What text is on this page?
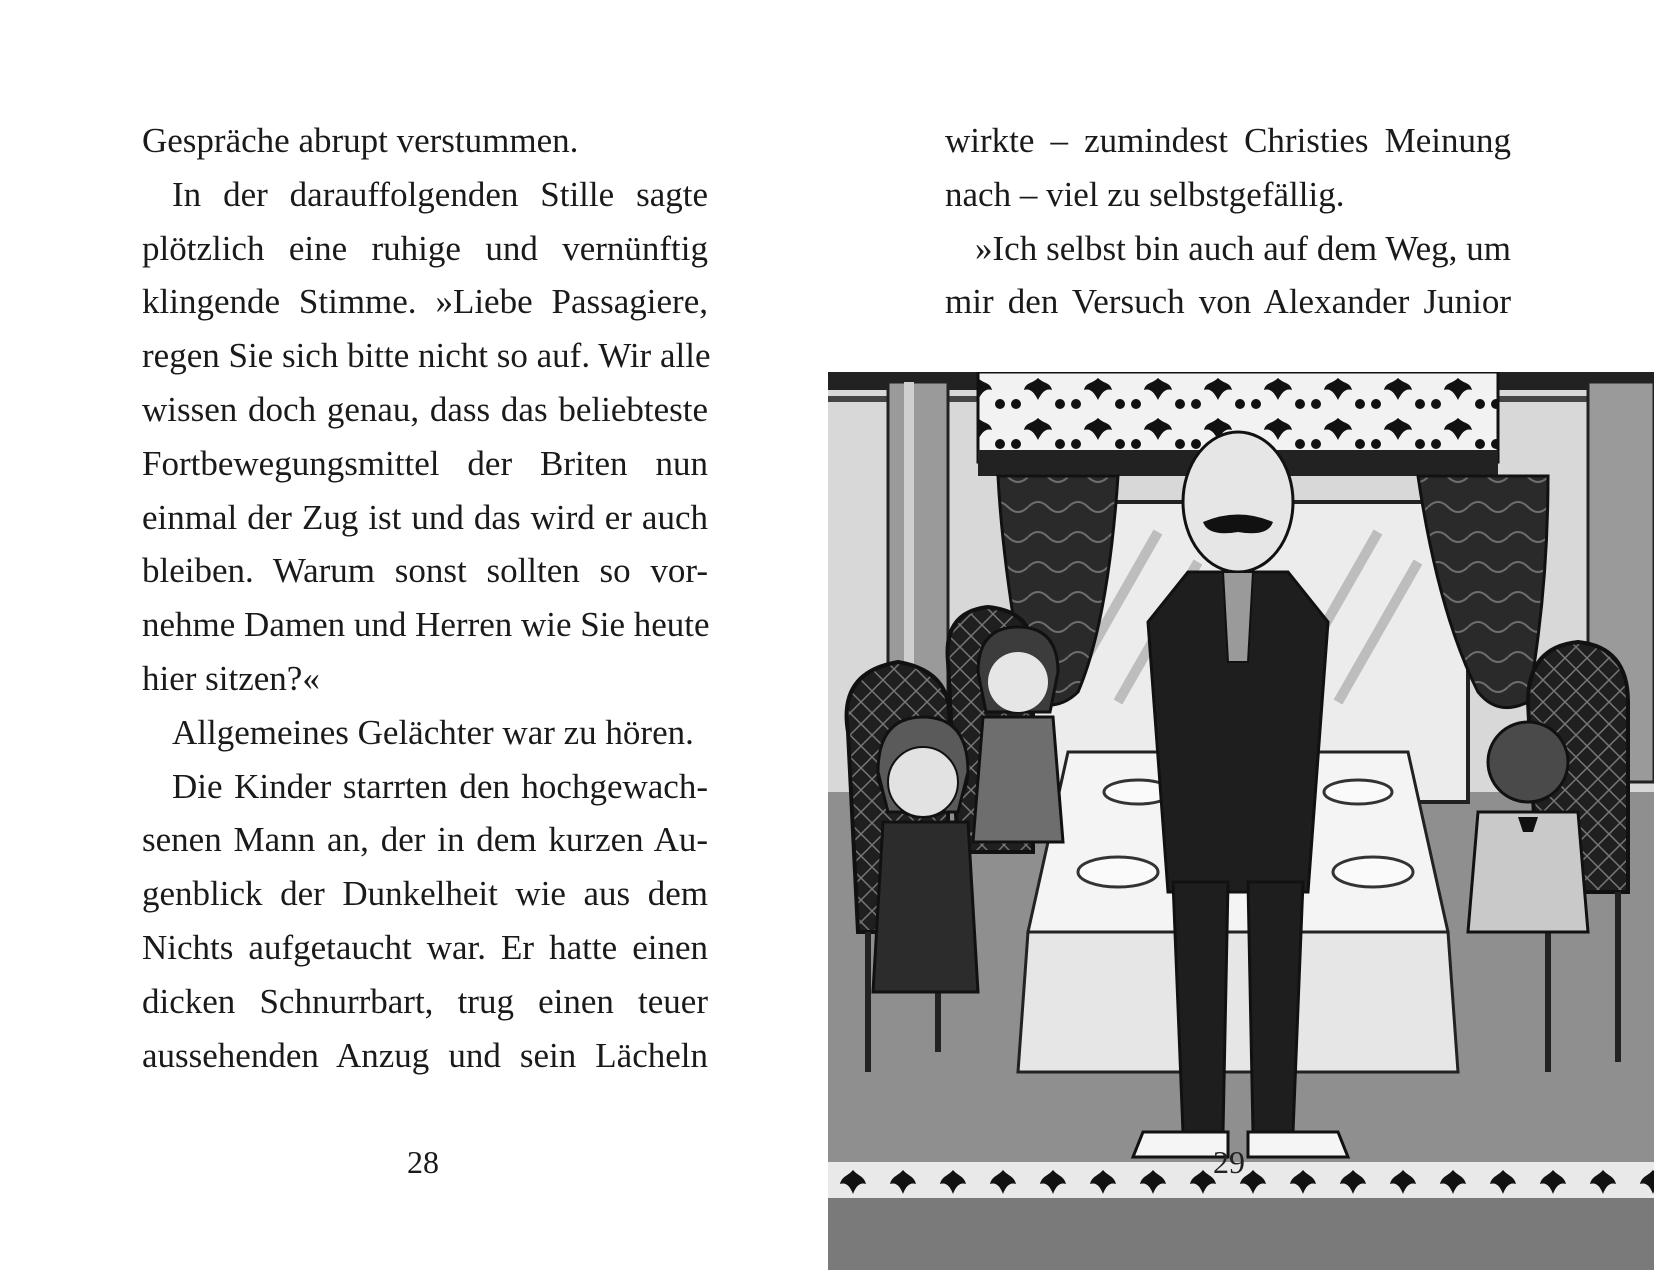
Gespräche abrupt verstummen.
In der darauffolgenden Stille sagte
plötzlich eine ruhige und vernünftig
klingende Stimme. »Liebe Passagiere,
regen Sie sich bitte nicht so auf. Wir alle
wissen doch genau, dass das beliebteste
Fortbewegungsmittel der Briten nun
einmal der Zug ist und das wird er auch
bleiben. Warum sonst sollten so vor-
nehme Damen und Herren wie Sie heute
hier sitzen?«
Allgemeines Gelächter war zu hören.
Die Kinder starrten den hochgewach-
senen Mann an, der in dem kurzen Au-
genblick der Dunkelheit wie aus dem
Nichts aufgetaucht war. Er hatte einen
dicken Schnurrbart, trug einen teuer
aussehenden Anzug und sein Lächeln
28
wirkte – zumindest Christies Meinung
nach – viel zu selbstgefällig.
»Ich selbst bin auch auf dem Weg, um
mir den Versuch von Alexander Junior
29
